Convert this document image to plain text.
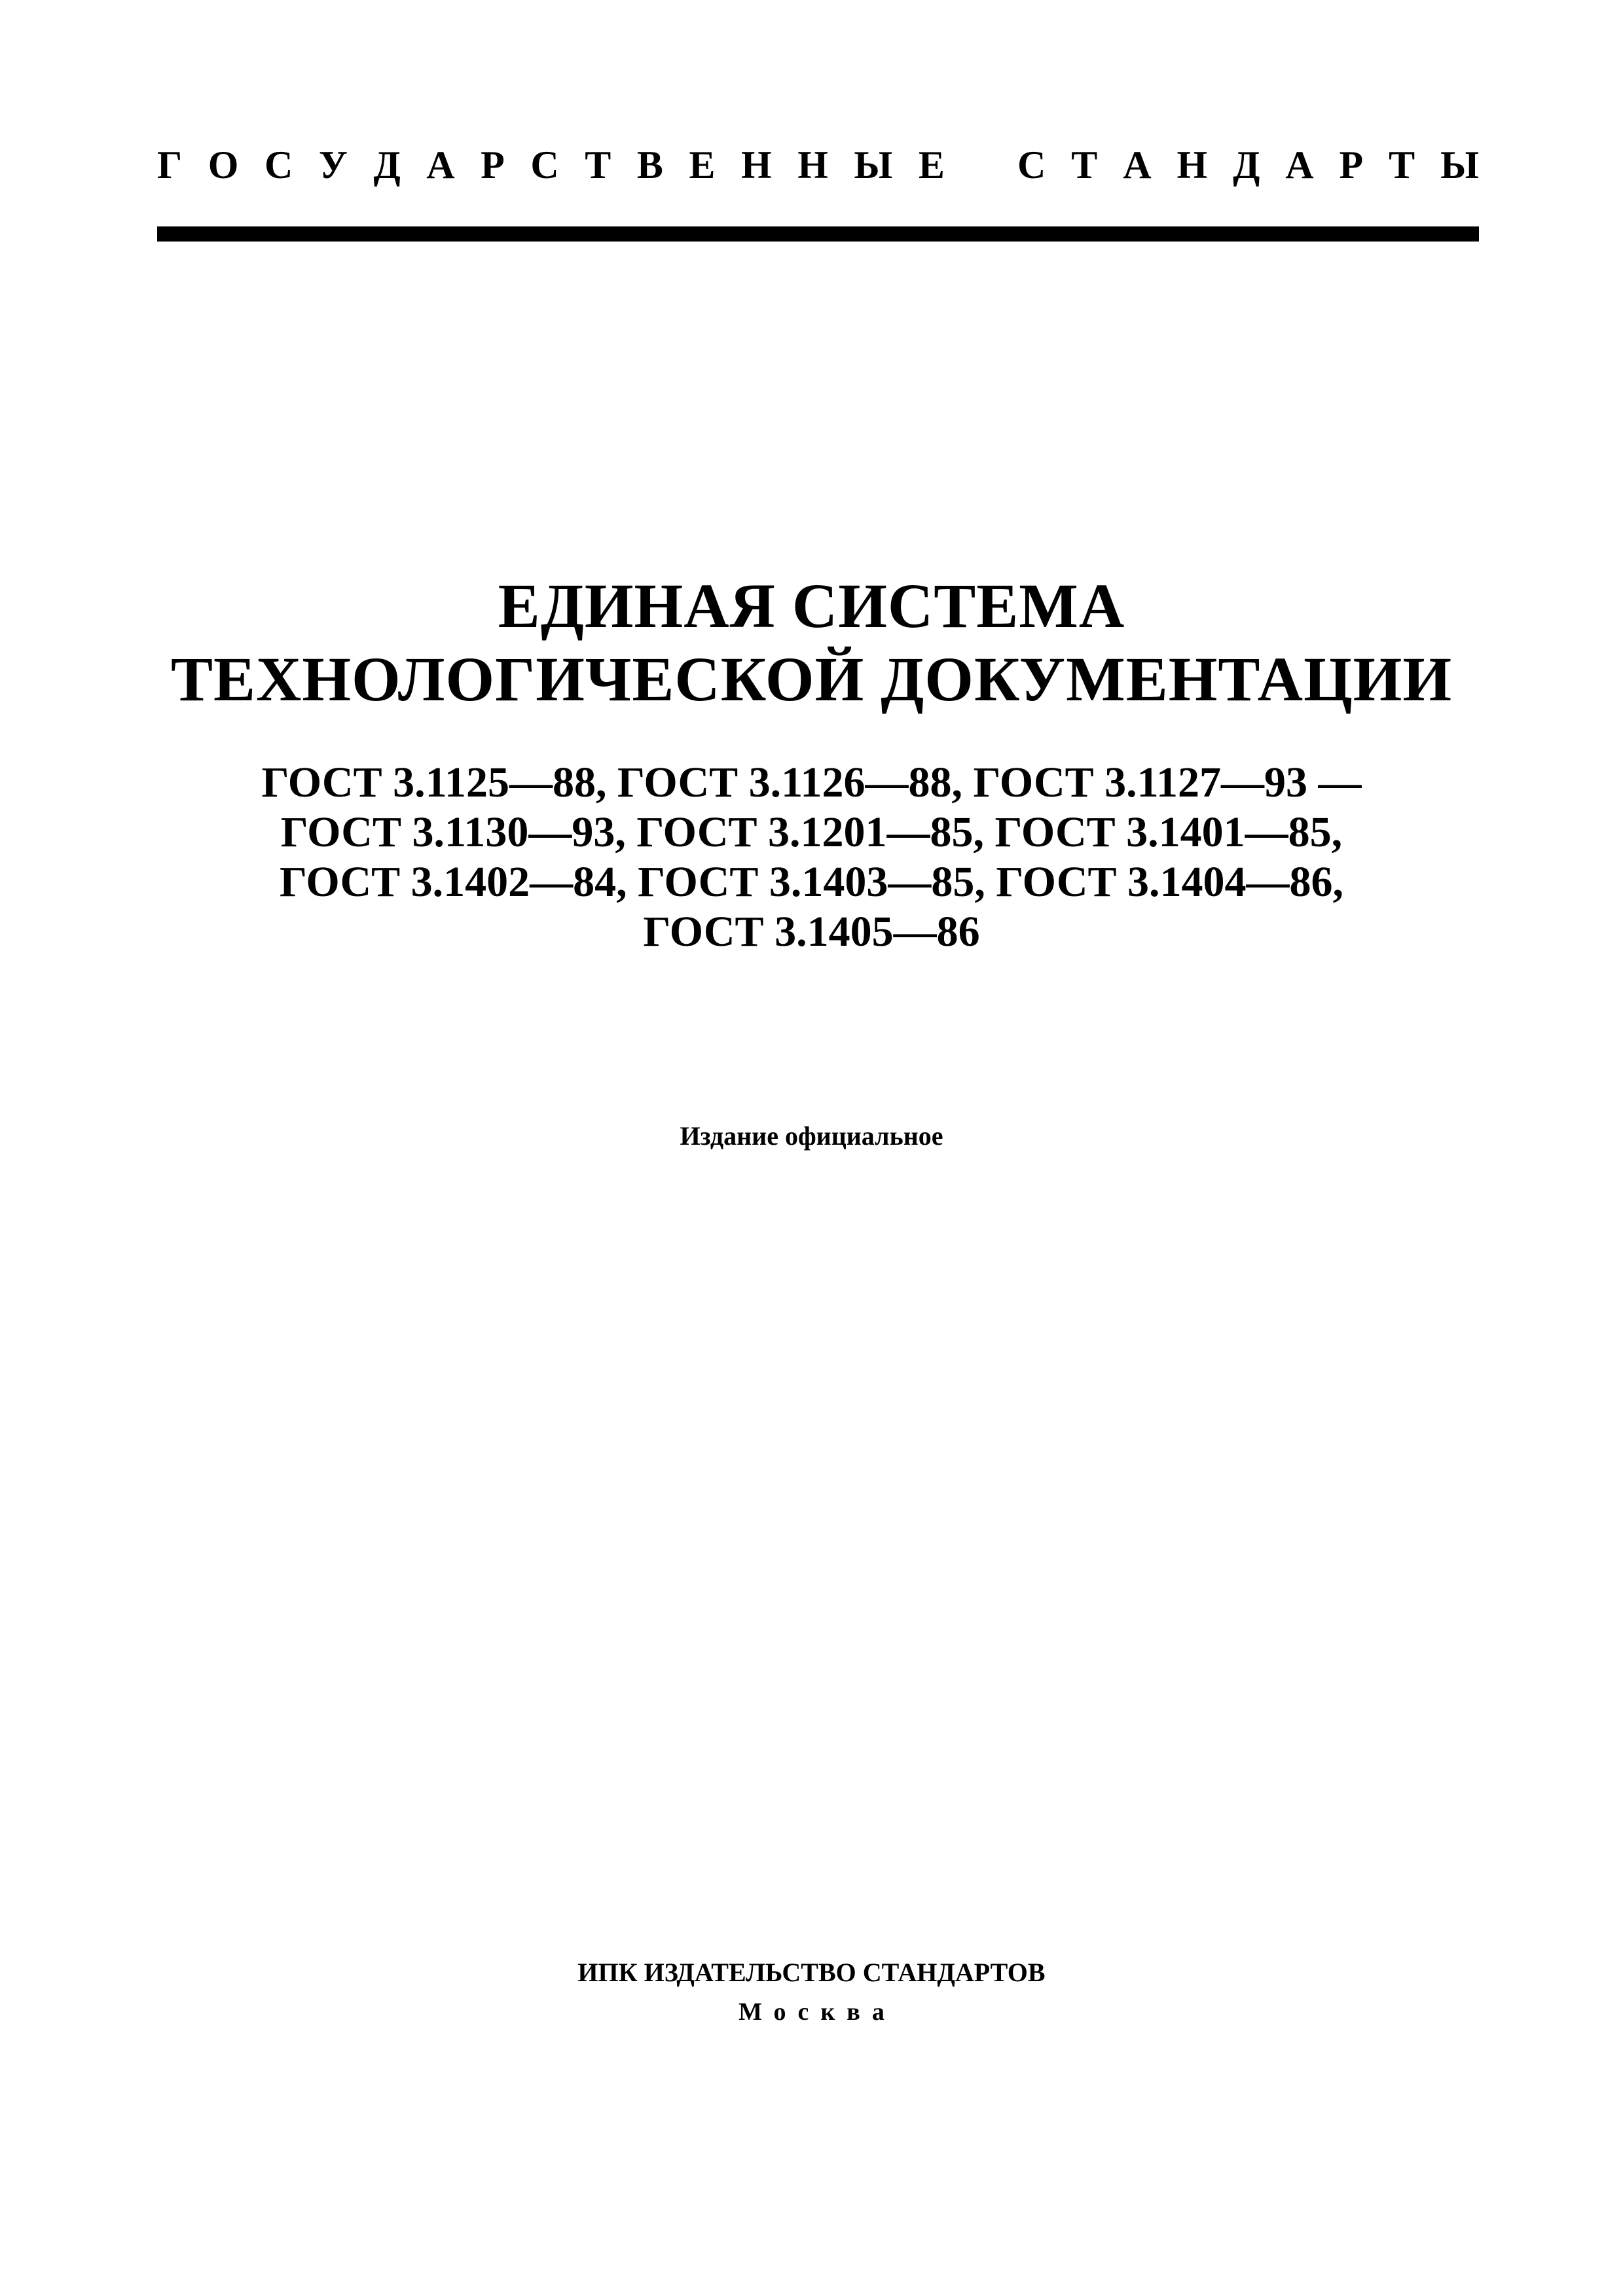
Г О С У Д А Р С Т В Е Н Н Ы Е С Т А Н Д А Р Т Ы
ЕДИНАЯ СИСТЕМА
ТЕХНОЛОГИЧЕСКОЙ ДОКУМЕНТАЦИИ
ГОСТ 3.1125—88, ГОСТ 3.1126—88, ГОСТ 3.1127—93 —
ГОСТ 3.1130—93, ГОСТ 3.1201—85, ГОСТ 3.1401—85,
ГОСТ 3.1402—84, ГОСТ 3.1403—85, ГОСТ 3.1404—86,
ГОСТ 3.1405—86
Издание официальное
ИПК ИЗДАТЕЛЬСТВО СТАНДАРТОВ
Москва
